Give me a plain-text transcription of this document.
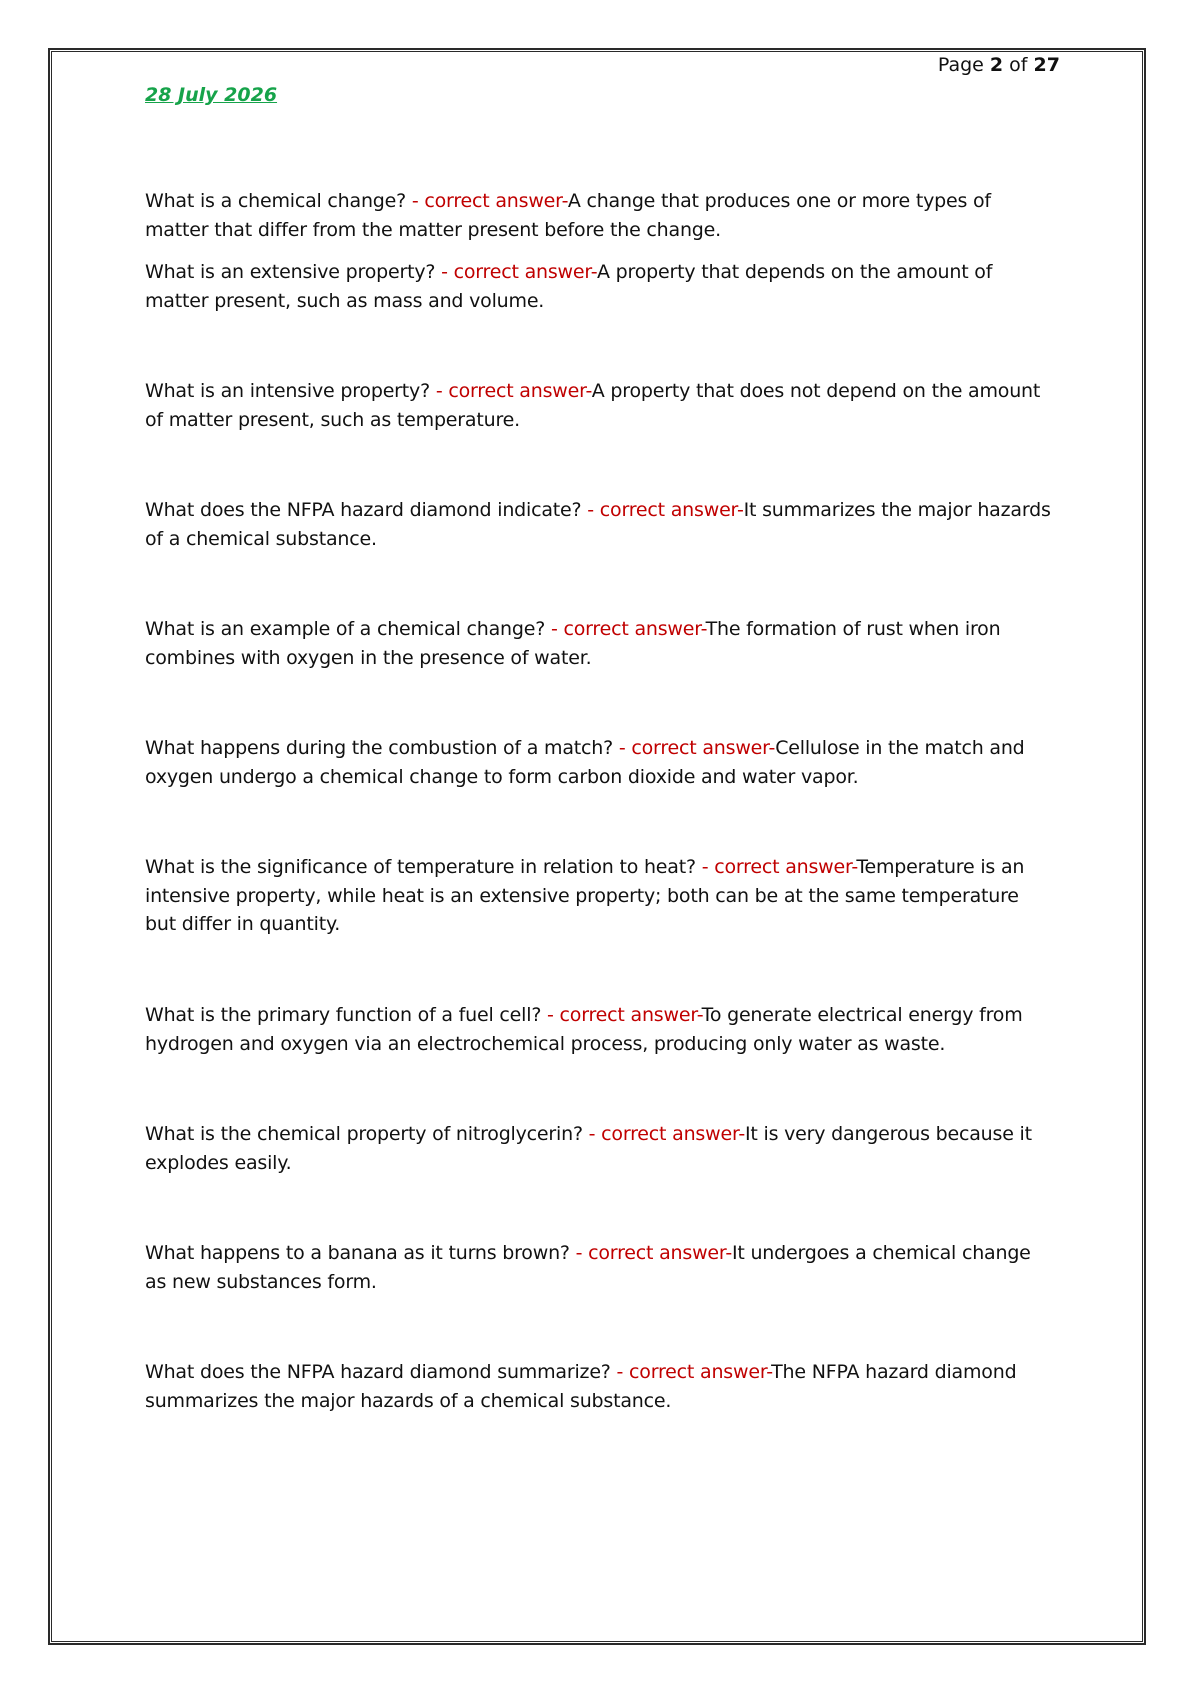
Page 2 of 27
28 July 2026

What is a chemical change? - correct answer-A change that produces one or more types of matter that differ from the matter present before the change.

What is an extensive property? - correct answer-A property that depends on the amount of matter present, such as mass and volume.

What is an intensive property? - correct answer-A property that does not depend on the amount of matter present, such as temperature.

What does the NFPA hazard diamond indicate? - correct answer-It summarizes the major hazards of a chemical substance.

What is an example of a chemical change? - correct answer-The formation of rust when iron combines with oxygen in the presence of water.

What happens during the combustion of a match? - correct answer-Cellulose in the match and oxygen undergo a chemical change to form carbon dioxide and water vapor.

What is the significance of temperature in relation to heat? - correct answer-Temperature is an intensive property, while heat is an extensive property; both can be at the same temperature but differ in quantity.

What is the primary function of a fuel cell? - correct answer-To generate electrical energy from hydrogen and oxygen via an electrochemical process, producing only water as waste.

What is the chemical property of nitroglycerin? - correct answer-It is very dangerous because it explodes easily.

What happens to a banana as it turns brown? - correct answer-It undergoes a chemical change as new substances form.

What does the NFPA hazard diamond summarize? - correct answer-The NFPA hazard diamond summarizes the major hazards of a chemical substance.
